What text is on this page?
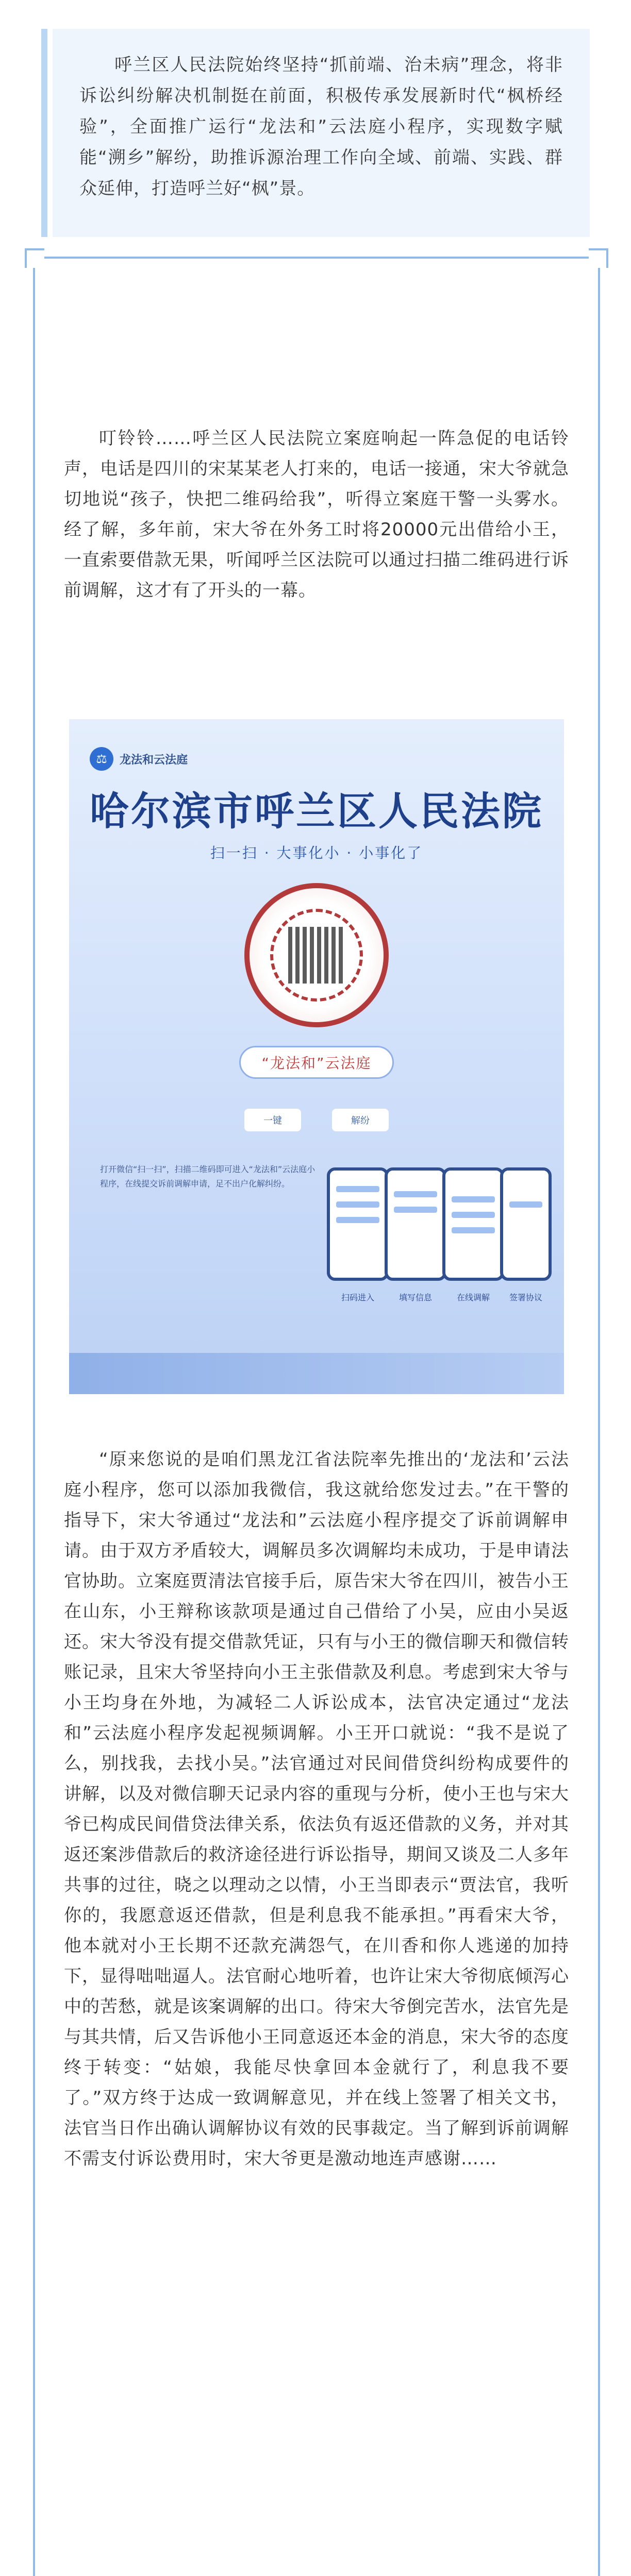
呼兰区人民法院始终坚持“抓前端、治未病”理念，将非诉讼纠纷解决机制挺在前面，积极传承发展新时代“枫桥经验”，全面推广运行“龙法和”云法庭小程序，实现数字赋能“溯乡”解纷，助推诉源治理工作向全域、前端、实践、群众延伸，打造呼兰好“枫”景。

叮铃铃……呼兰区人民法院立案庭响起一阵急促的电话铃声，电话是四川的宋某某老人打来的，电话一接通，宋大爷就急切地说“孩子，快把二维码给我”，听得立案庭干警一头雾水。经了解，多年前，宋大爷在外务工时将20000元出借给小王，一直索要借款无果，听闻呼兰区法院可以通过扫描二维码进行诉前调解，这才有了开头的一幕。

⚖	龙法和云法庭
哈尔滨市呼兰区人民法院
扫一扫 · 大事化小 · 小事化了
“龙法和”云法庭
一键	解纷
打开微信“扫一扫”，扫描二维码即可进入“龙法和”云法庭小程序，在线提交诉前调解申请，足不出户化解纠纷。
扫码进入	填写信息	在线调解	签署协议

“原来您说的是咱们黑龙江省法院率先推出的‘龙法和’云法庭小程序，您可以添加我微信，我这就给您发过去。”在干警的指导下，宋大爷通过“龙法和”云法庭小程序提交了诉前调解申请。由于双方矛盾较大，调解员多次调解均未成功，于是申请法官协助。立案庭贾清法官接手后，原告宋大爷在四川，被告小王在山东，小王辩称该款项是通过自己借给了小吴，应由小吴返还。宋大爷没有提交借款凭证，只有与小王的微信聊天和微信转账记录，且宋大爷坚持向小王主张借款及利息。考虑到宋大爷与小王均身在外地，为减轻二人诉讼成本，法官决定通过“龙法和”云法庭小程序发起视频调解。小王开口就说：“我不是说了么，别找我，去找小吴。”法官通过对民间借贷纠纷构成要件的讲解，以及对微信聊天记录内容的重现与分析，使小王也与宋大爷已构成民间借贷法律关系，依法负有返还借款的义务，并对其返还案涉借款后的救济途径进行诉讼指导，期间又谈及二人多年共事的过往，晓之以理动之以情，小王当即表示“贾法官，我听你的，我愿意返还借款，但是利息我不能承担。”再看宋大爷，他本就对小王长期不还款充满怨气，在川香和你人逃递的加持下，显得咄咄逼人。法官耐心地听着，也许让宋大爷彻底倾泻心中的苦愁，就是该案调解的出口。待宋大爷倒完苦水，法官先是与其共情，后又告诉他小王同意返还本金的消息，宋大爷的态度终于转变：“姑娘，我能尽快拿回本金就行了，利息我不要了。”双方终于达成一致调解意见，并在线上签署了相关文书，法官当日作出确认调解协议有效的民事裁定。当了解到诉前调解不需支付诉讼费用时，宋大爷更是激动地连声感谢……
